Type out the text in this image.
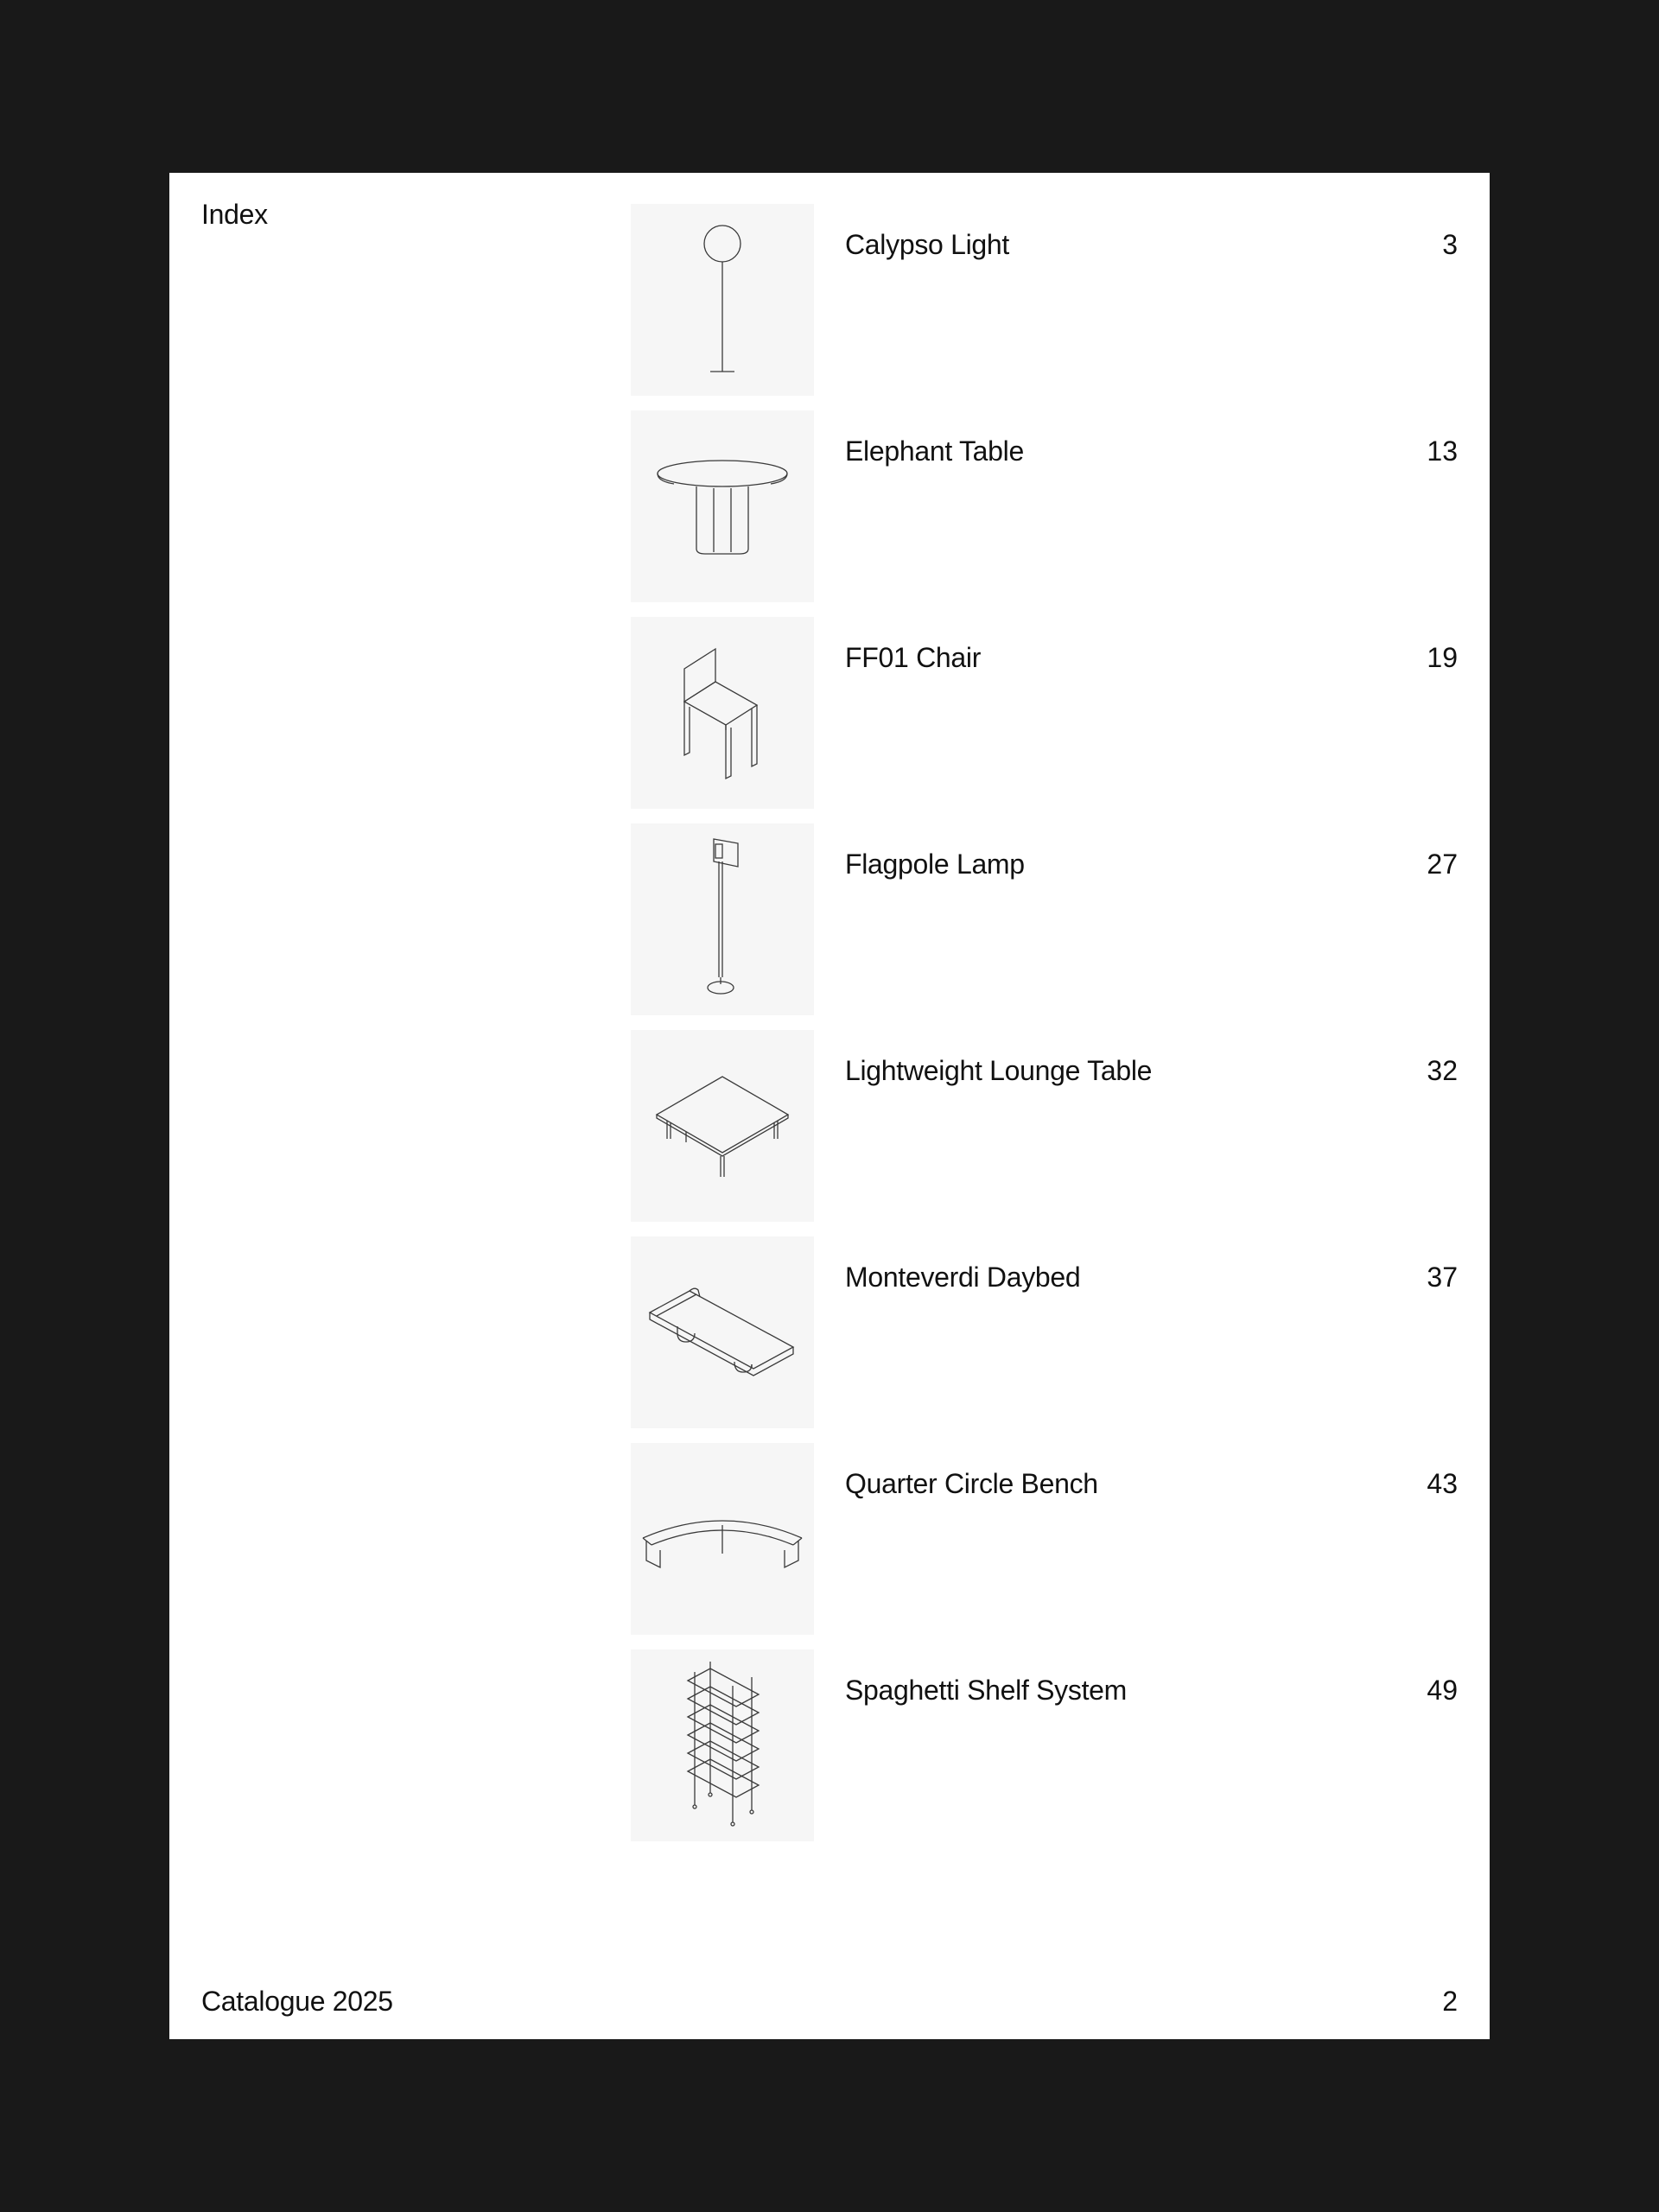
Index
Calypso Light	3
Elephant Table	13
FF01 Chair	19
Flagpole Lamp	27
Lightweight Lounge Table	32
Monteverdi Daybed	37
Quarter Circle Bench	43
Spaghetti Shelf System	49
Catalogue 2025	2
